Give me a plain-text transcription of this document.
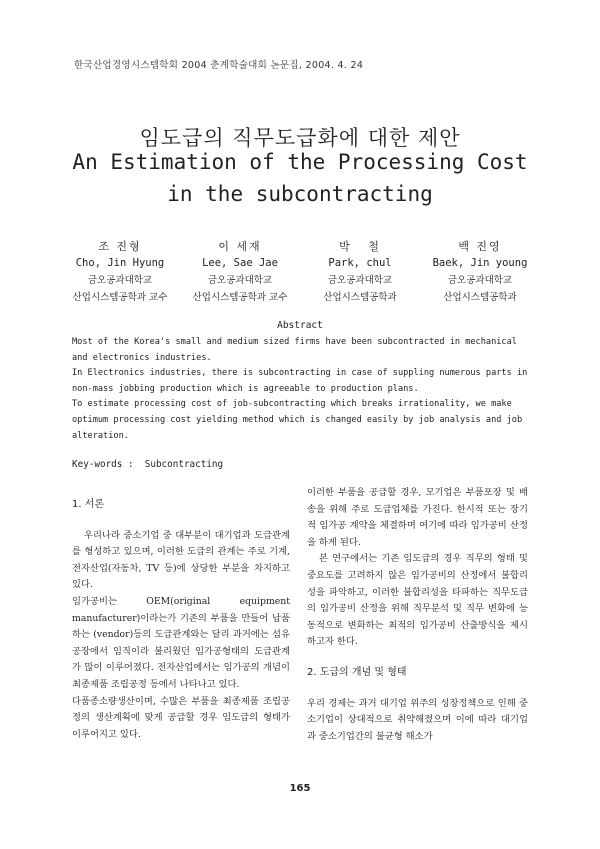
한국산업경영시스템학회 2004 춘계학술대회 논문집, 2004. 4. 24
임도급의 직무도급화에 대한 제안
An Estimation of the Processing Cost
in the subcontracting
조 진형
Cho, Jin Hyung
금오공과대학교
산업시스템공학과 교수
이 세재
Lee, Sae Jae
금오공과대학교
산업시스템공학과 교수
박   철
Park, chul
금오공과대학교
산업시스템공학과
백 진영
Baek, Jin young
금오공과대학교
산업시스템공학과
Abstract

Most of the Korea's small and medium sized firms have been subcontracted in mechanical and electronics industries.

In Electronics industries, there is subcontracting in case of suppling numerous parts in non-mass jobbing production which is agreeable to production plans.

To estimate processing cost of job-subcontracting which breaks irrationality, we make optimum processing cost yielding method which is changed easily by job analysis and job alteration.

Key-words :  Subcontracting
1. 서론

우리나라 중소기업 중 대부분이 대기업과 도급관계를 형성하고 있으며, 이러한 도급의 관계는 주로 기계, 전자산업(자동차, TV 등)에 상당한 부분을 차지하고 있다.

임가공비는 OEM(original equipment manufacturer)이라는가 기존의 부품을 만들어 납품하는 (vendor)등의 도급관계와는 달리 과거에는 섬유공장에서 임직이라 불리웠던 임가공형태의 도급관계가 많이 이루어졌다. 전자산업에서는 임가공의 개념이 최종제품 조립공정 등에서 나타나고 있다.

다품종소량생산이며, 수많은 부품을 최종제품 조립공정의 생산계획에 맞게 공급할 경우 임도급의 형태가 이루어지고 있다.

이러한 부품을 공급할 경우, 모기업은 부품포장 및 배송을 위해 주로 도급업체를 가진다. 한시적 또는 장기적 임가공 계약을 체결하며 여기에 따라 임가공비 산정을 하게 된다.

본 연구에서는 기존 임도급의 경우 직무의 형태 및 중요도를 고려하지 않은 임가공비의 산정에서 불합리성을 파악하고, 이러한 불합리성을 타파하는 직무도급의 임가공비 산정을 위해 직무분석 및 직무 변화에 능동적으로 변화하는 최적의 임가공비 산출방식을 제시하고자 한다.

2. 도급의 개념 및 형태

우리 경제는 과거 대기업 위주의 성장정책으로 인해 중소기업이 상대적으로 취약해졌으며 이에 따라 대기업과 중소기업간의 불균형 해소가

165
